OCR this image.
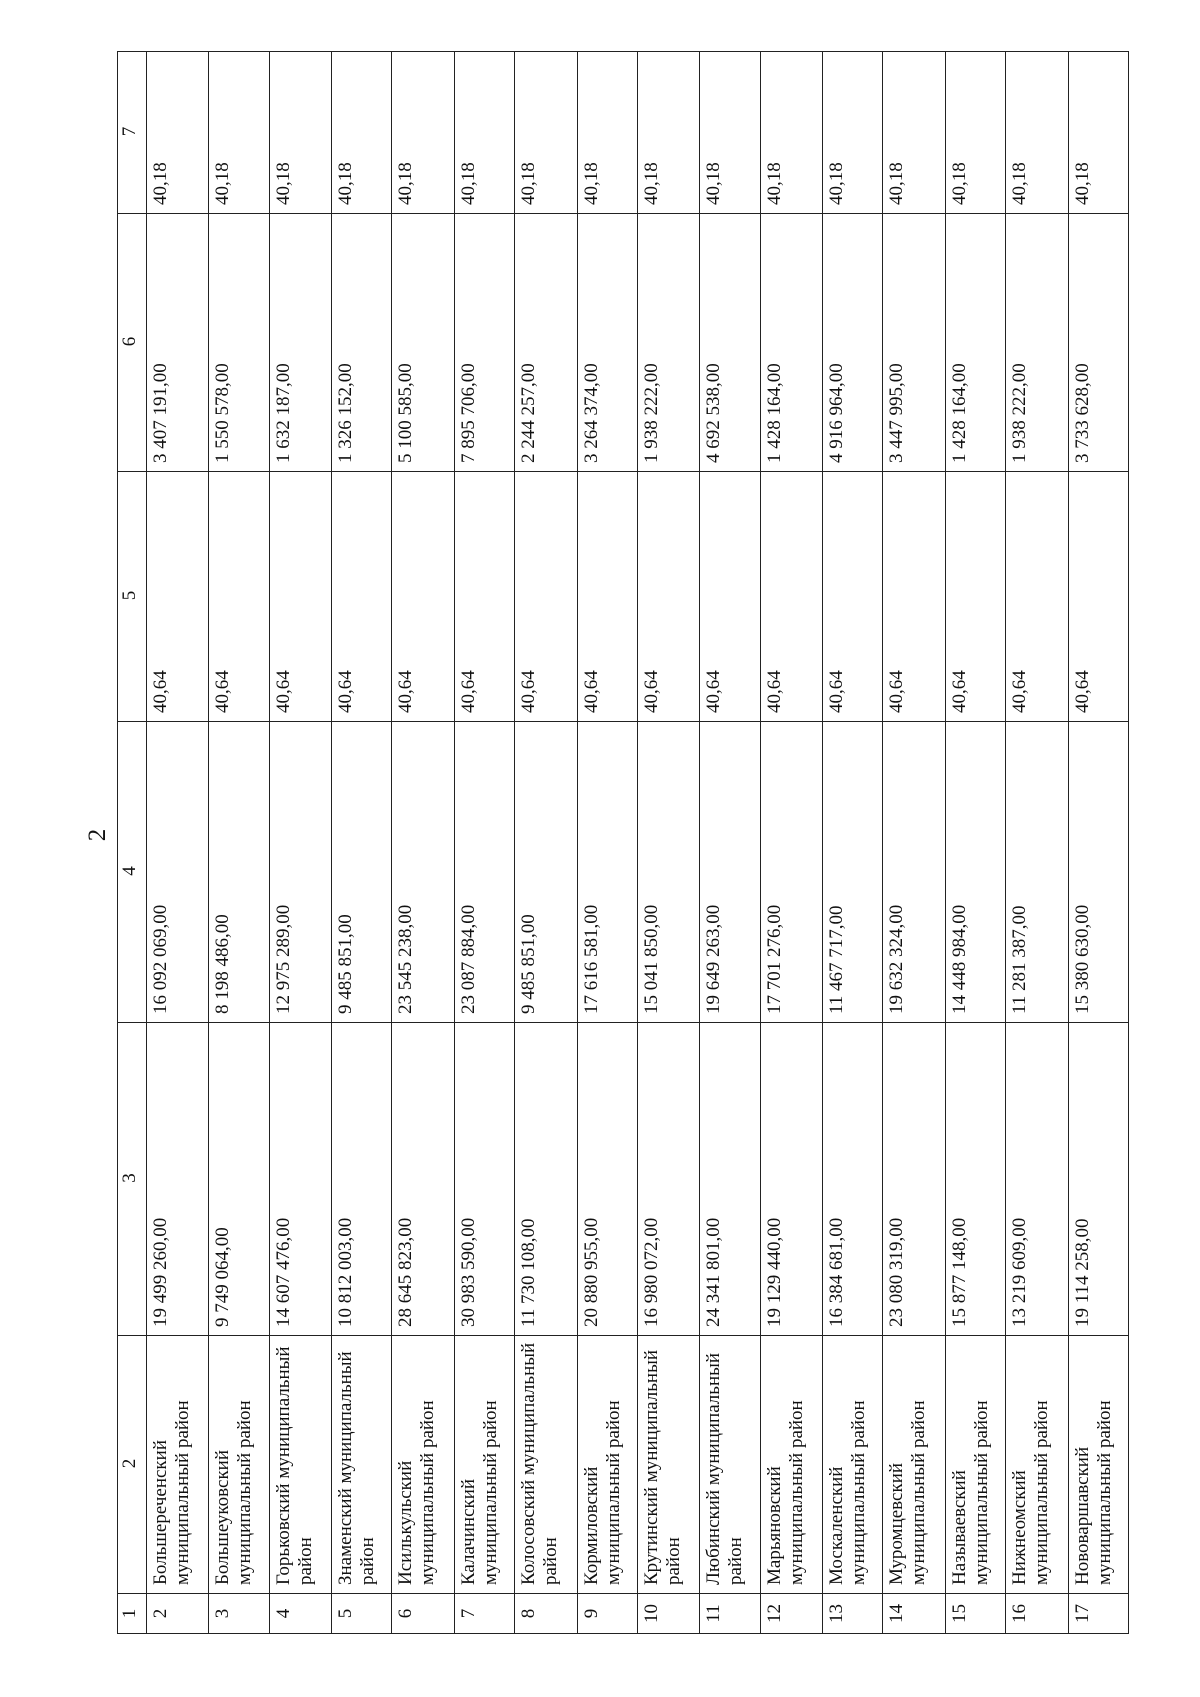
2
1	2	3	4	5	6	7
2	Большереченский муниципальный район	19 499 260,00	16 092 069,00	40,64	3 407 191,00	40,18
3	Большеуковский муниципальный район	9 749 064,00	8 198 486,00	40,64	1 550 578,00	40,18
4	Горьковский муниципальный район	14 607 476,00	12 975 289,00	40,64	1 632 187,00	40,18
5	Знаменский муниципальный район	10 812 003,00	9 485 851,00	40,64	1 326 152,00	40,18
6	Исилькульский муниципальный район	28 645 823,00	23 545 238,00	40,64	5 100 585,00	40,18
7	Калачинский муниципальный район	30 983 590,00	23 087 884,00	40,64	7 895 706,00	40,18
8	Колосовский муниципальный район	11 730 108,00	9 485 851,00	40,64	2 244 257,00	40,18
9	Кормиловский муниципальный район	20 880 955,00	17 616 581,00	40,64	3 264 374,00	40,18
10	Крутинский муниципальный район	16 980 072,00	15 041 850,00	40,64	1 938 222,00	40,18
11	Любинский муниципальный район	24 341 801,00	19 649 263,00	40,64	4 692 538,00	40,18
12	Марьяновский муниципальный район	19 129 440,00	17 701 276,00	40,64	1 428 164,00	40,18
13	Москаленский муниципальный район	16 384 681,00	11 467 717,00	40,64	4 916 964,00	40,18
14	Муромцевский муниципальный район	23 080 319,00	19 632 324,00	40,64	3 447 995,00	40,18
15	Называевский муниципальный район	15 877 148,00	14 448 984,00	40,64	1 428 164,00	40,18
16	Нижнеомский муниципальный район	13 219 609,00	11 281 387,00	40,64	1 938 222,00	40,18
17	Нововаршавский муниципальный район	19 114 258,00	15 380 630,00	40,64	3 733 628,00	40,18
